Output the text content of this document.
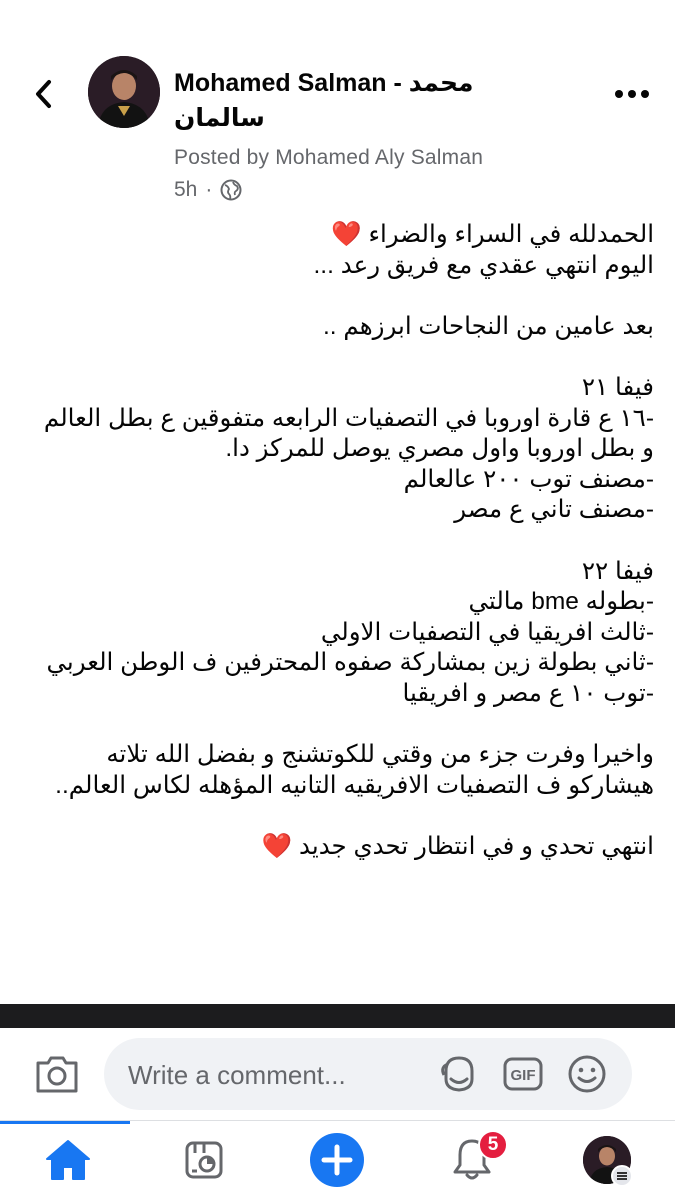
Mohamed Salman - محمد
سالمان
Posted by Mohamed Aly Salman
5h ·
الحمدلله في السراء والضراء ❤️
اليوم انتهي عقدي مع فريق رعد ...
بعد عامين من النجاحات ابرزهم ..
فيفا ٢١
-١٦ ع قارة اوروبا في التصفيات الرابعه متفوقين ع بطل العالم
و بطل اوروبا واول مصري يوصل للمركز دا.
-مصنف توب ٢٠٠ عالعالم
-مصنف تاني ع مصر
فيفا ٢٢
-بطوله bme مالتي
-ثالث افريقيا في التصفيات الاولي
-ثاني بطولة زين بمشاركة صفوه المحترفين ف الوطن العربي
-توب ١٠ ع مصر و افريقيا
واخيرا وفرت جزء من وقتي للكوتشنج و بفضل الله تلاته
هيشاركو ف التصفيات الافريقيه التانيه المؤهله لكاس العالم..
انتهي تحدي و في انتظار تحدي جديد ❤️
Write a comment...	GIF
5
